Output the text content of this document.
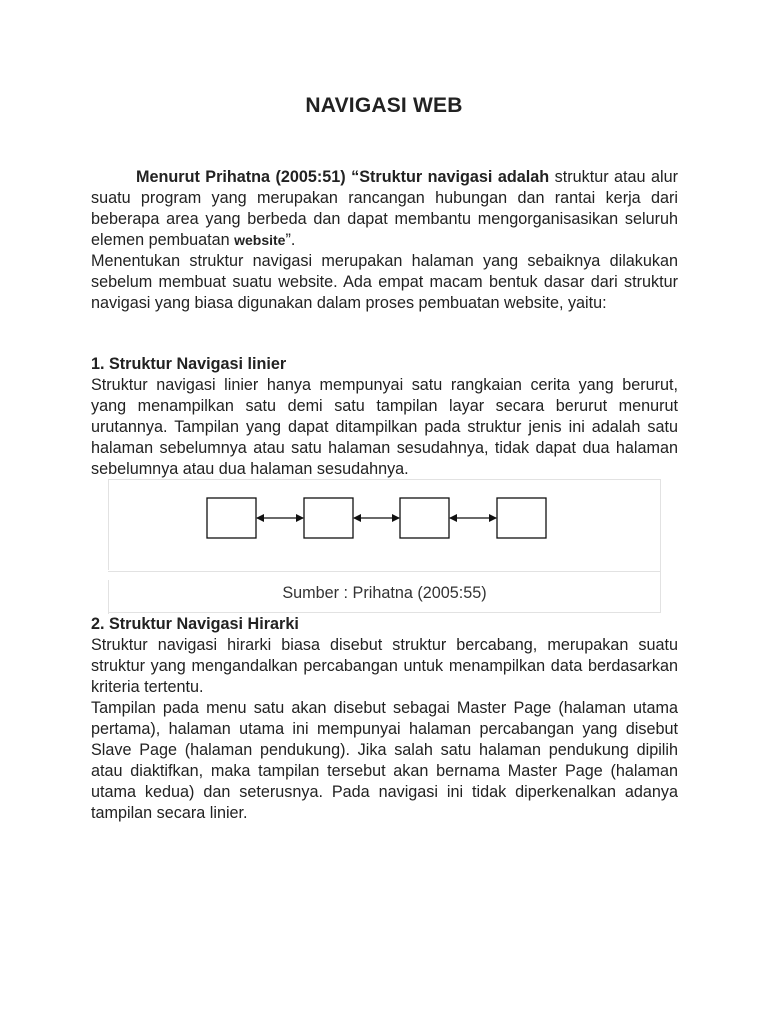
NAVIGASI WEB

Menurut Prihatna (2005:51) “Struktur navigasi adalah struktur atau alur suatu program yang merupakan rancangan hubungan dan rantai kerja dari beberapa area yang berbeda dan dapat membantu mengorganisasikan seluruh elemen pembuatan website”.

Menentukan struktur navigasi merupakan halaman yang sebaiknya dilakukan sebelum membuat suatu website. Ada empat macam bentuk dasar dari struktur navigasi yang biasa digunakan dalam proses pembuatan website, yaitu:

1. Struktur Navigasi linier

Struktur navigasi linier hanya mempunyai satu rangkaian cerita yang berurut, yang menampilkan satu demi satu tampilan layar secara berurut menurut urutannya. Tampilan yang dapat ditampilkan pada struktur jenis ini adalah satu halaman sebelumnya atau satu halaman sesudahnya, tidak dapat dua halaman sebelumnya atau dua halaman sesudahnya.

Sumber : Prihatna (2005:55)
2. Struktur Navigasi Hirarki

Struktur navigasi hirarki biasa disebut struktur bercabang, merupakan suatu struktur yang mengandalkan percabangan untuk menampilkan data berdasarkan kriteria tertentu.

Tampilan pada menu satu akan disebut sebagai Master Page (halaman utama pertama), halaman utama ini mempunyai halaman percabangan yang disebut Slave Page (halaman pendukung). Jika salah satu halaman pendukung dipilih atau diaktifkan, maka tampilan tersebut akan bernama Master Page (halaman utama kedua) dan seterusnya. Pada navigasi ini tidak diperkenalkan adanya tampilan secara linier.
